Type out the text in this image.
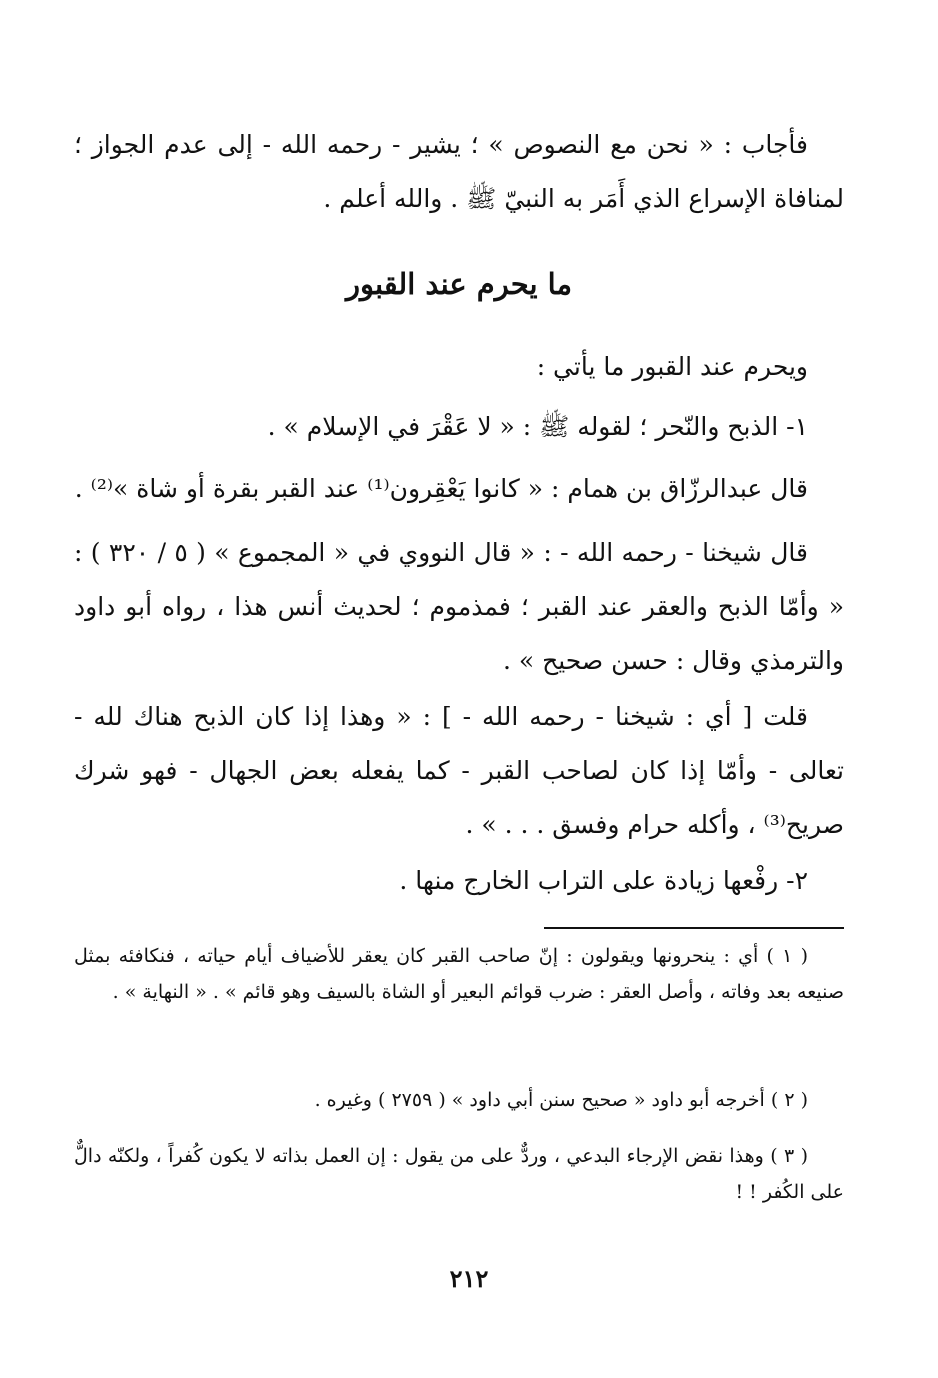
فأجاب : « نحن مع النصوص » ؛ يشير - رحمه الله - إلى عدم الجواز ؛ لمنافاة الإسراع الذي أَمَر به النبيّ ﷺ . والله أعلم .
ما يحرم عند القبور
ويحرم عند القبور ما يأتي :
١- الذبح والنّحر ؛ لقوله ﷺ : « لا عَقْرَ في الإسلام » .
قال عبدالرزّاق بن همام : « كانوا يَعْقِرون⁽¹⁾ عند القبر بقرة أو شاة »⁽²⁾ .
قال شيخنا - رحمه الله - : « قال النووي في « المجموع » ( ٥ / ٣٢٠ ) : « وأمّا الذبح والعقر عند القبر ؛ فمذموم ؛ لحديث أنس هذا ، رواه أبو داود والترمذي وقال : حسن صحيح » .
قلت [ أي : شيخنا - رحمه الله - ] : « وهذا إذا كان الذبح هناك لله - تعالى - وأمّا إذا كان لصاحب القبر - كما يفعله بعض الجهال - فهو شرك صريح⁽³⁾ ، وأكله حرام وفسق . . . » .
٢- رفْعها زيادة على التراب الخارج منها .
( ١ ) أي : ينحرونها ويقولون : إنّ صاحب القبر كان يعقر للأضياف أيام حياته ، فنكافئه بمثل صنيعه بعد وفاته ، وأصل العقر : ضرب قوائم البعير أو الشاة بالسيف وهو قائم » . « النهاية » .
( ٢ ) أخرجه أبو داود « صحيح سنن أبي داود » ( ٢٧٥٩ ) وغيره .
( ٣ ) وهذا نقض الإرجاء البدعي ، وردٌّ على من يقول : إن العمل بذاته لا يكون كُفراً ، ولكنّه دالٌّ على الكُفر ! !
٢١٢
